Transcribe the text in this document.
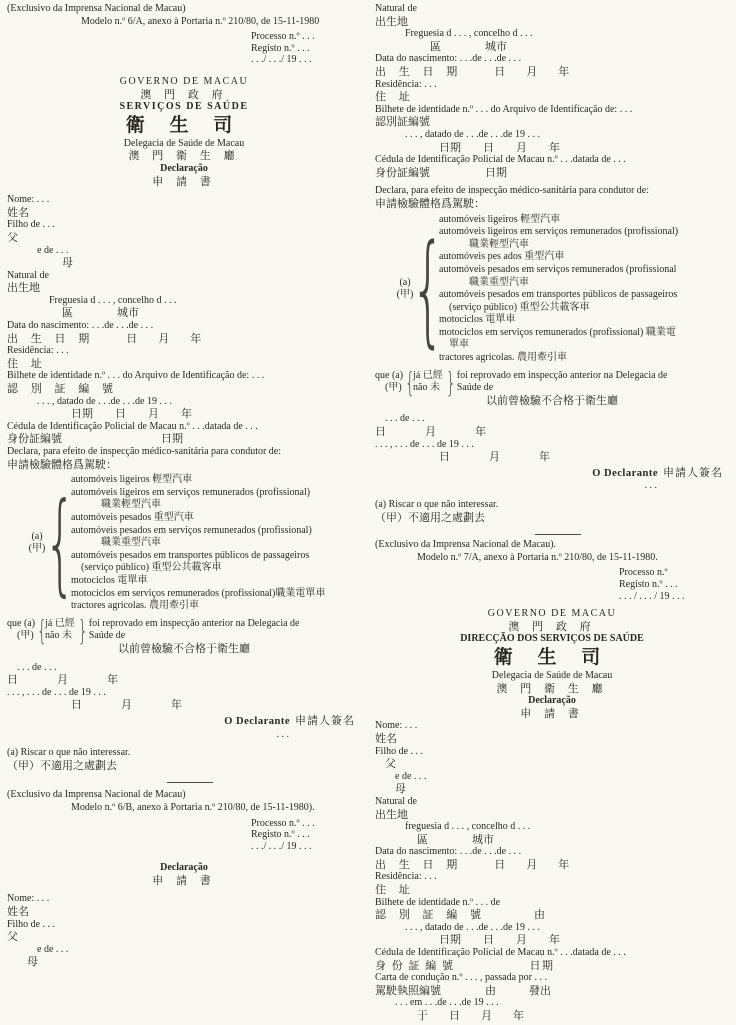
(Exclusivo da Imprensa Nacional de Macau)
Modelo n.º 6/A, anexo à Portaria n.º 210/80, de 15-11-1980
Processo n.º . . .
Registo n.º . . .
. . ./ . . ./ 19 . . .
GOVERNO DE MACAU
澳 門 政 府
SERVIÇOS DE SAÚDE
衛 生 司
Delegacia de Saúde de Macau
澳 門 衛 生 廳
Declaração
申 請 書
Nome: . . .
姓名
Filho de . . .
父
e de . . .
母
Natural de
出生地
Freguesia d . . . , concelho d . . .
區　　　　城市
Data do nascimento: . . .de . . .de . . .
出 生 日 期　　日　月　年
Residência: . . .
住 址
Bilhete de identidade n.º . . . do Arquivo de Identificação de: . . .
認 別 証 編 號
. . . , datado de . . .de . . .de 19 . . .
日期　　日　　月　　年
Cédula de Identificação Policial de Macau n.º . . .datada de . . .
身份証編號　　　　　　　　　日期
Declara, para efeito de inspecção médico-sanitária para condutor de:
申請檢驗體格爲駕駛：
(a)
(甲)
{
automóveis ligeiros 輕型汽車
automóveis ligeiros em serviços remunerados (profissional)
職業輕型汽車
automóveis pesados 重型汽車
automóveis pesados em serviços remunerados (profissional)
職業重型汽車
automóveis pesados em transportes públicos de passageiros
(serviço público) 重型公共載客車
motociclos 電單車
motociclos em serviços remunerados (profissional)職業電單車
tractores agrícolas. 農用牽引車
que (a)
(甲) {
já 已經
não 未 } foi reprovado em inspecção anterior na Delegacia de
Saúde de
以前曾檢驗不合格于衛生廳
. . . de . . .
日　月　年
. . . , . . . de . . . de 19 . . .
日　月　年
O Declarante 申請人簽名
. . .
(a) Riscar o que não interessar.
（甲）不適用之處劃去
(Exclusivo da Imprensa Nacional de Macau)
Modelo n.º 6/B, anexo à Portaria n.º 210/80, de 15-11-1980).
Processo n.º . . .
Registo n.º . . .
. . ./ . . ./ 19 . . .
Declaração
申 請 書
Nome: . . .
姓名
Filho de . . .
父
e de . . .
母
Natural de
出生地
Freguesia d . . . , concelho d . . .
區　　　　城市
Data do nascimento: . . .de . . .de . . .
出 生 日 期　　日　月　年
Residência: . . .
住 址
Bilhete de identidade n.º . . . do Arquivo de Identificação de: . . .
認別証編號
. . . , datado de . . .de . . .de 19 . . .
日期　　日　　月　　年
Cédula de Identificação Policial de Macau n.º . . .datada de . . .
身份証編號　　　　　日期
Declara, para efeito de inspecção médico-sanitária para condutor de:
申請檢驗體格爲駕駛：
(a)
(甲)
{
automóveis ligeiros 輕型汽車
automóveis ligeiros em serviços remunerados (profissional)
職業輕型汽車
automóveis pes ados 重型汽車
automóveis pesados em serviços remunerados (profissional
職業重型汽車
automóveis pesados em transportes públicos de passageiros
(serviço público) 重型公共載客車
motociclos 電單車
motociclos em serviços remunerados (profissional) 職業電
單車
tractores agrícolas. 農用牽引車
que (a)
(甲) {
já 已經
não 未 } foi reprovado em inspecção anterior na Delegacia de
Saúde de
以前曾檢驗不合格于衛生廳
. . . de . . .
日　月　年
. . . , . . . de . . . de 19 . . .
日　月　年
O Declarante 申請人簽名
. . .
(a) Riscar o que não interessar.
（甲）不適用之處劃去
(Exclusivo da Imprensa Nacional de Macau).
Modelo n.º 7/A, anexo à Portaria n.º 210/80, de 15-11-1980.
Processo n.º
Registo n.º . . .
. . . / . . . / 19 . . .
GOVERNO DE MACAU
澳 門 政 府
DIRECÇÃO DOS SERVIÇOS DE SAÚDE
衛 生 司
Delegacia de Saúde de Macau
澳 門 衛 生 廳
Declaração
申 請 書
Nome: . . .
姓名
Filho de . . .
父
e de . . .
母
Natural de
出生地
freguesia d . . . , concelho d . . .
區　　　　城市
Data do nascimento: . . .de . . .de . . .
出 生 日 期　　日　月　年
Residência: . . .
住 址
Bilhete de identidade n.º . . . de
認 別 証 編 號　　　由
. . . , datado de . . .de . . .de 19 . . .
日期　　日　　月　　年
Cédula de Identificação Policial de Macau n.º . . .datada de . . .
身 份 証 編 號　　　　　　日期
Carta de condução n.º . . . , passada por . . .
駕駛執照編號　　　　由　　　發出
. . . em . . .de . . .de 19 . . .
于　日　月　年
